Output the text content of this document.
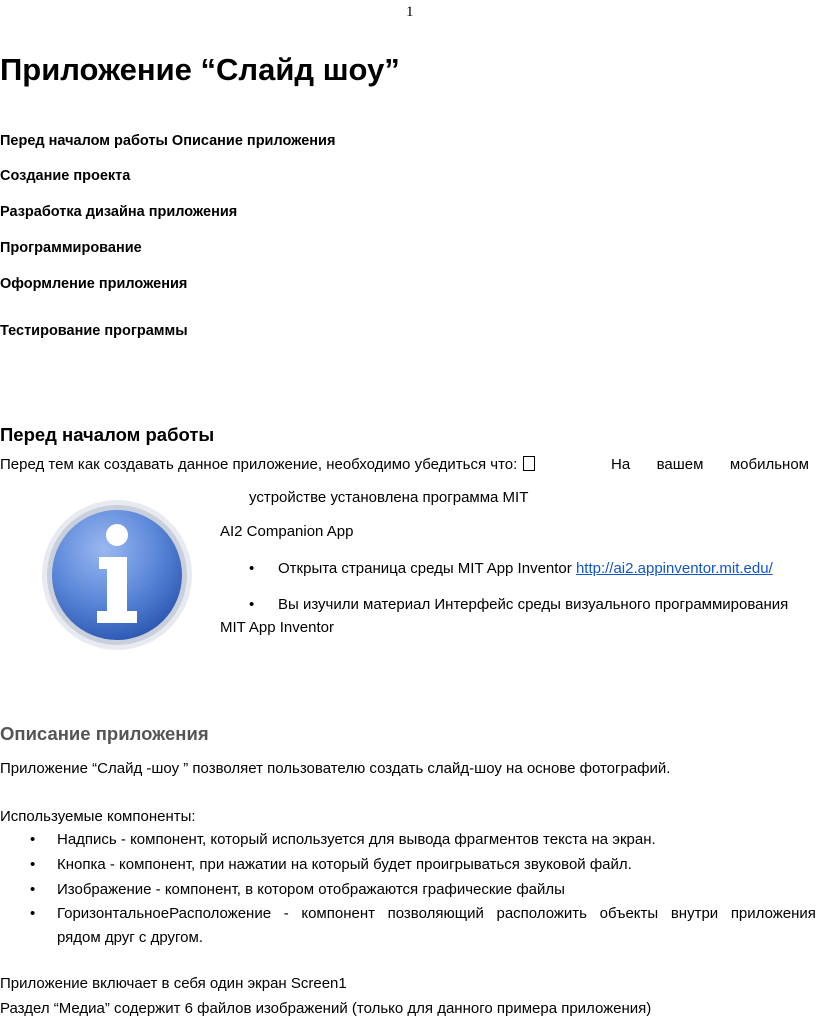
1
Приложение “Слайд шоу”
Перед началом работы Описание приложения
Создание проекта
Разработка дизайна приложения
Программирование
Оформление приложения
Тестирование программы
Перед началом работы
Перед тем как создавать данное приложение, необходимо убедиться что:	На вашем мобильном
устройстве установлена программа MIT
AI2 Companion App
• Открыта страница среды MIT App Inventor http://ai2.appinventor.mit.edu/
• Вы изучили материал Интерфейс среды визуального программирования
MIT App Inventor
Описание приложения
Приложение “Слайд -шоу ” позволяет пользователю создать слайд-шоу на основе фотографий.
Используемые компоненты:
• Надпись - компонент, который используется для вывода фрагментов текста на экран.
• Кнопка - компонент, при нажатии на который будет проигрываться звуковой файл.
• Изображение - компонент, в котором отображаются графические файлы
• ГоризонтальноеРасположение - компонент позволяющий расположить объекты внутри приложения
рядом друг с другом.
Приложение включает в себя один экран Screen1
Раздел “Медиа” содержит 6 файлов изображений (только для данного примера приложения)
